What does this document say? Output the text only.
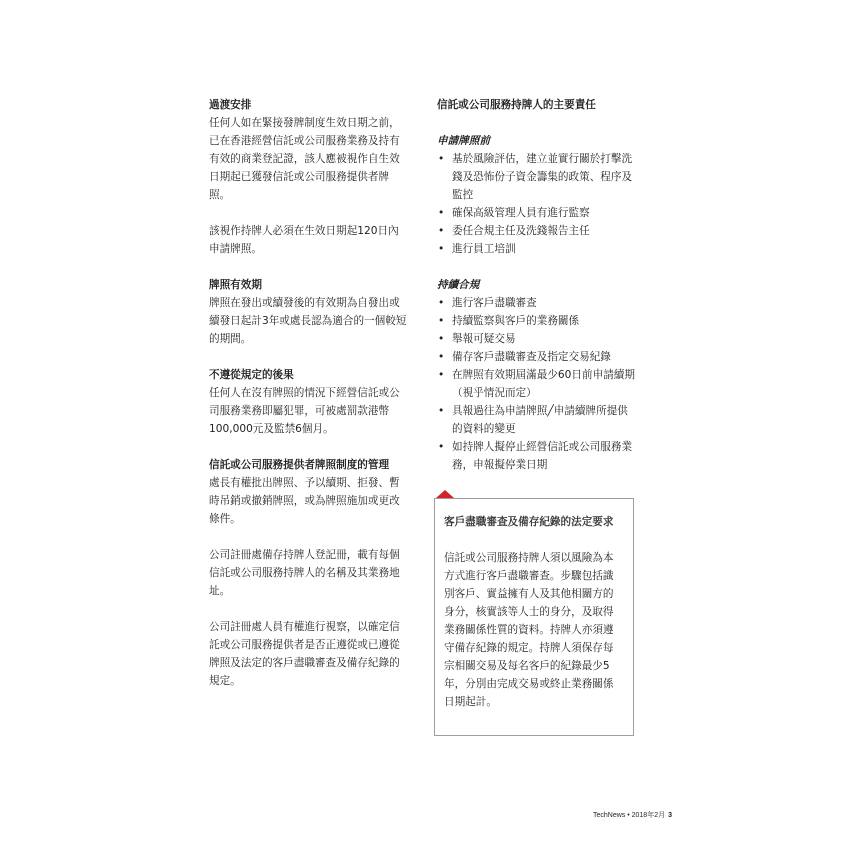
過渡安排

任何人如在緊接發牌制度生效日期之前，已在香港經營信託或公司服務業務及持有有效的商業登記證，該人應被視作自生效日期起已獲發信託或公司服務提供者牌照。

該視作持牌人必須在生效日期起120日內申請牌照。

牌照有效期

牌照在發出或續發後的有效期為自發出或續發日起計3年或處長認為適合的一個較短的期間。

不遵從規定的後果

任何人在沒有牌照的情況下經營信託或公司服務業務即屬犯罪，可被處罰款港幣100,000元及監禁6個月。

信託或公司服務提供者牌照制度的管理

處長有權批出牌照、予以續期、拒發、暫時吊銷或撤銷牌照，或為牌照施加或更改條件。

公司註冊處備存持牌人登記冊，載有每個信託或公司服務持牌人的名稱及其業務地址。

公司註冊處人員有權進行視察，以確定信託或公司服務提供者是否正遵從或已遵從牌照及法定的客戶盡職審查及備存紀錄的規定。

信託或公司服務持牌人的主要責任

申請牌照前

• 基於風險評估，建立並實行關於打擊洗錢及恐怖份子資金籌集的政策、程序及監控
• 確保高級管理人員有進行監察
• 委任合規主任及洗錢報告主任
• 進行員工培訓

持續合規

• 進行客戶盡職審查
• 持續監察與客戶的業務關係
• 舉報可疑交易
• 備存客戶盡職審查及指定交易紀錄
• 在牌照有效期屆滿最少60日前申請續期（視乎情況而定）
• 具報過往為申請牌照╱申請續牌所提供的資料的變更
• 如持牌人擬停止經營信託或公司服務業務，申報擬停業日期

客戶盡職審查及備存紀錄的法定要求

信託或公司服務持牌人須以風險為本方式進行客戶盡職審查。步驟包括識別客戶、實益擁有人及其他相關方的身分，核實該等人士的身分，及取得業務關係性質的資料。持牌人亦須遵守備存紀錄的規定。持牌人須保存每宗相關交易及每名客戶的紀錄最少5年，分別由完成交易或終止業務關係日期起計。

TechNews • 2018年2月 3
